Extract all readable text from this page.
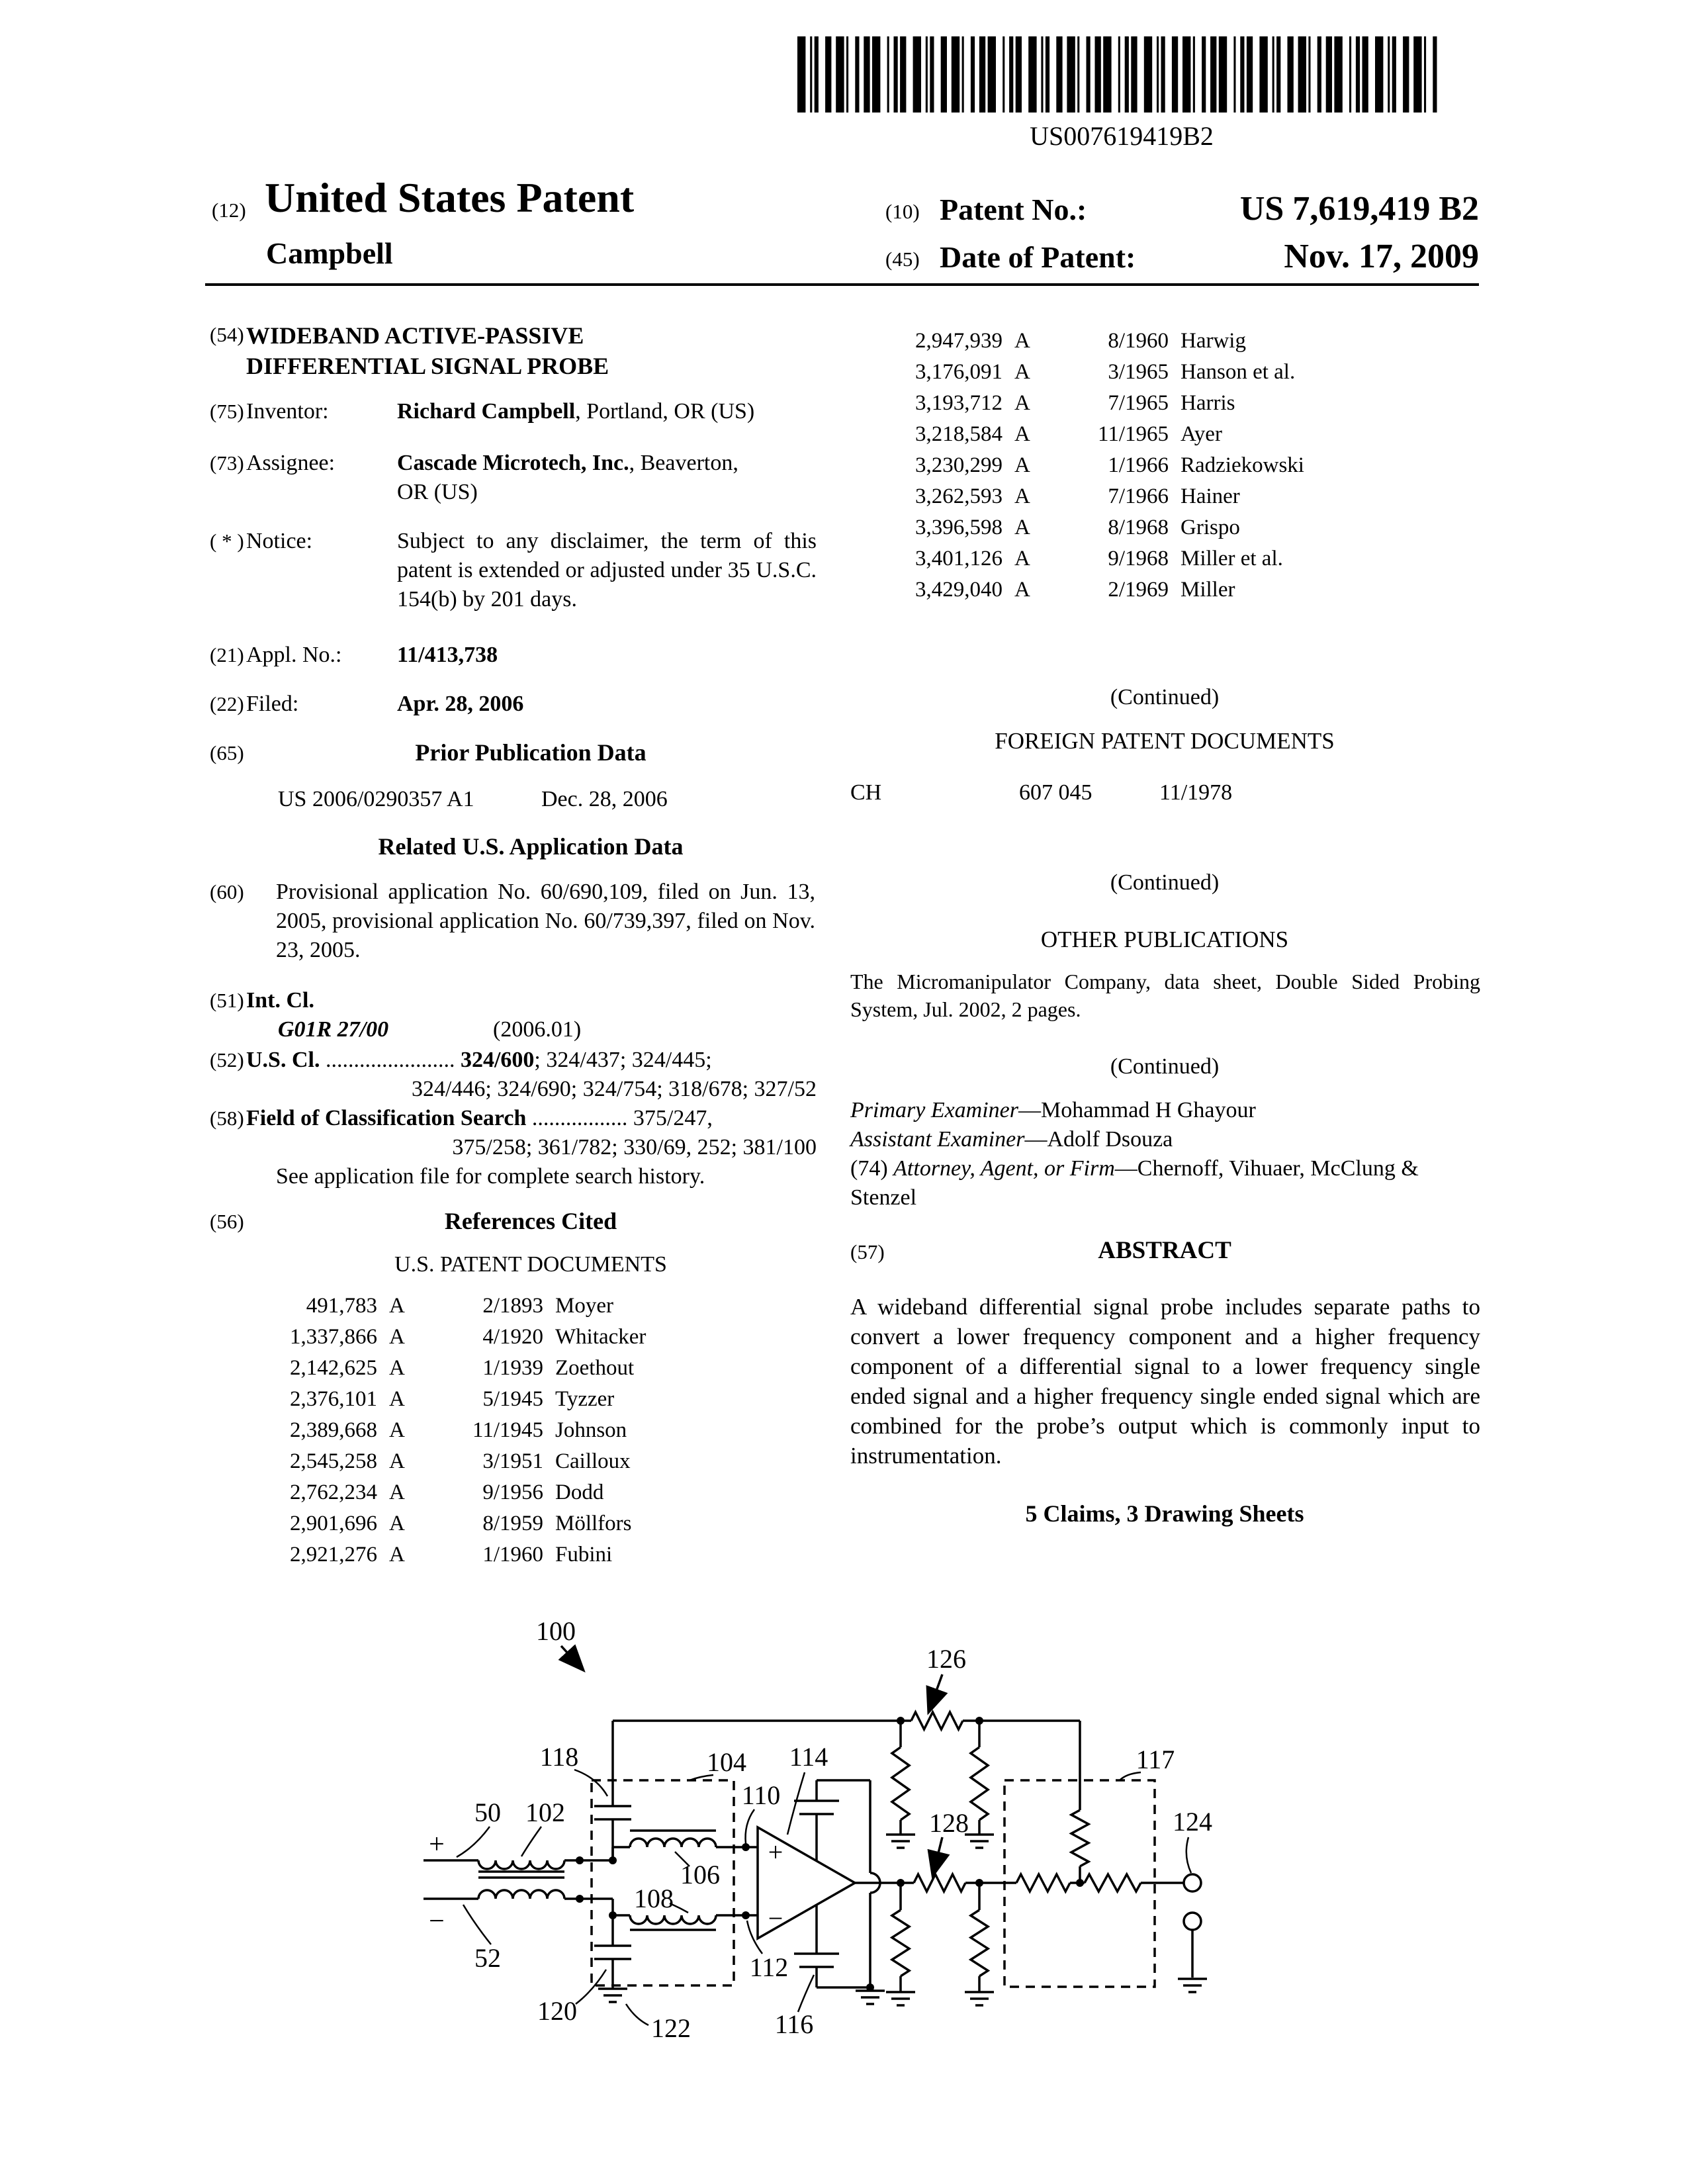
US007619419B2
(12) United States Patent
Campbell
(10) Patent No.:	US 7,619,419 B2
(45) Date of Patent:	Nov. 17, 2009
(54) WIDEBAND ACTIVE-PASSIVE
DIFFERENTIAL SIGNAL PROBE
(75) Inventor:	Richard Campbell, Portland, OR (US)
(73) Assignee:	Cascade Microtech, Inc., Beaverton,
OR (US)
( * ) Notice:	Subject to any disclaimer, the term of this patent is extended or adjusted under 35 U.S.C. 154(b) by 201 days.
(21) Appl. No.: 11/413,738
(22) Filed:	Apr. 28, 2006
(65)	Prior Publication Data
US 2006/0290357 A1	Dec. 28, 2006
Related U.S. Application Data
(60) Provisional application No. 60/690,109, filed on Jun. 13, 2005, provisional application No. 60/739,397, filed on Nov. 23, 2005.
(51) Int. Cl.
G01R 27/00	(2006.01)
(52) U.S. Cl. ....................... 324/600; 324/437; 324/445;
324/446; 324/690; 324/754; 318/678; 327/52
(58) Field of Classification Search ................. 375/247,
375/258; 361/782; 330/69, 252; 381/100
See application file for complete search history.
(56)	References Cited
U.S. PATENT DOCUMENTS
491,783 A	2/1893 Moyer
1,337,866 A	4/1920 Whitacker
2,142,625 A	1/1939 Zoethout
2,376,101 A	5/1945 Tyzzer
2,389,668 A	11/1945 Johnson
2,545,258 A	3/1951 Cailloux
2,762,234 A	9/1956 Dodd
2,901,696 A	8/1959 Möllfors
2,921,276 A	1/1960 Fubini
2,947,939 A	8/1960 Harwig
3,176,091 A	3/1965 Hanson et al.
3,193,712 A	7/1965 Harris
3,218,584 A	11/1965 Ayer
3,230,299 A	1/1966 Radziekowski
3,262,593 A	7/1966 Hainer
3,396,598 A	8/1968 Grispo
3,401,126 A	9/1968 Miller et al.
3,429,040 A	2/1969 Miller
(Continued)
FOREIGN PATENT DOCUMENTS
CH	607 045	11/1978
(Continued)
OTHER PUBLICATIONS
The Micromanipulator Company, data sheet, Double Sided Probing System, Jul. 2002, 2 pages.
(Continued)
Primary Examiner—Mohammad H Ghayour
Assistant Examiner—Adolf Dsouza
(74) Attorney, Agent, or Firm—Chernoff, Vihuaer, McClung & Stenzel
(57)	ABSTRACT
A wideband differential signal probe includes separate paths to convert a lower frequency component and a higher frequency component of a differential signal to a lower frequency single ended signal and a higher frequency single ended signal which are combined for the probe’s output which is commonly input to instrumentation.
5 Claims, 3 Drawing Sheets
100
50 102
52
118	104
110
114
106
108
112
120
122	116
126
128
117
124
+
−
+
−
